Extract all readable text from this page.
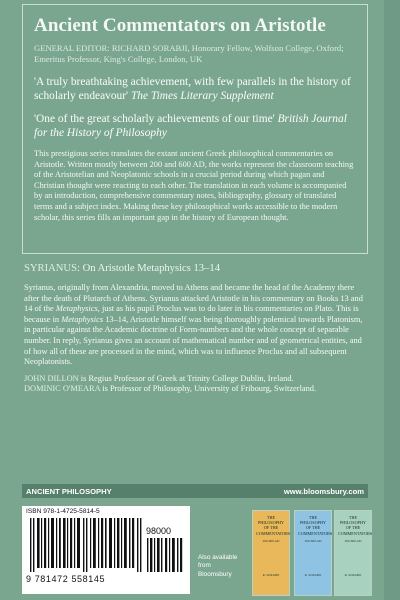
Ancient Commentators on Aristotle

GENERAL EDITOR: RICHARD SORABJI, Honorary Fellow, Wolfson College, Oxford; Emeritus Professor, King's College, London, UK

'A truly breathtaking achievement, with few parallels in the history of scholarly endeavour' The Times Literary Supplement

'One of the great scholarly achievements of our time' British Journal for the History of Philosophy

This prestigious series translates the extant ancient Greek philosophical commentaries on Aristotle. Written mostly between 200 and 600 AD, the works represent the classroom teaching of the Aristotelian and Neoplatonic schools in a crucial period during which pagan and Christian thought were reacting to each other. The translation in each volume is accompanied by an introduction, comprehensive commentary notes, bibliography, glossary of translated terms and a subject index. Making these key philosophical works accessible to the modern scholar, this series fills an important gap in the history of European thought.

SYRIANUS: On Aristotle Metaphysics 13–14

Syrianus, originally from Alexandria, moved to Athens and became the head of the Academy there after the death of Plutarch of Athens. Syrianus attacked Aristotle in his commentary on Books 13 and 14 of the Metaphysics, just as his pupil Proclus was to do later in his commentaries on Plato. This is because in Metaphysics 13–14, Aristotle himself was being thoroughly polemical towards Platonism, in particular against the Academic doctrine of Form-numbers and the whole concept of separable number. In reply, Syrianus gives an account of mathematical number and of geometrical entities, and of how all of these are processed in the mind, which was to influence Proclus and all subsequent Neoplatonists.

JOHN DILLON is Regius Professor of Greek at Trinity College Dublin, Ireland.

DOMINIC O'MEARA is Professor of Philosophy, University of Fribourg, Switzerland.

ANCIENT PHILOSOPHY	www.bloomsbury.com
ISBN 978-1-4725-5814-5
98000
9 781472 558145
Also available from Bloomsbury
THE PHILOSOPHY OF THE COMMENTATORS
200-600 AD
R. SORABJI
THE PHILOSOPHY OF THE COMMENTATORS
200-600 AD
R. SORABJI
THE PHILOSOPHY OF THE COMMENTATORS
200-600 AD
R. SORABJI
